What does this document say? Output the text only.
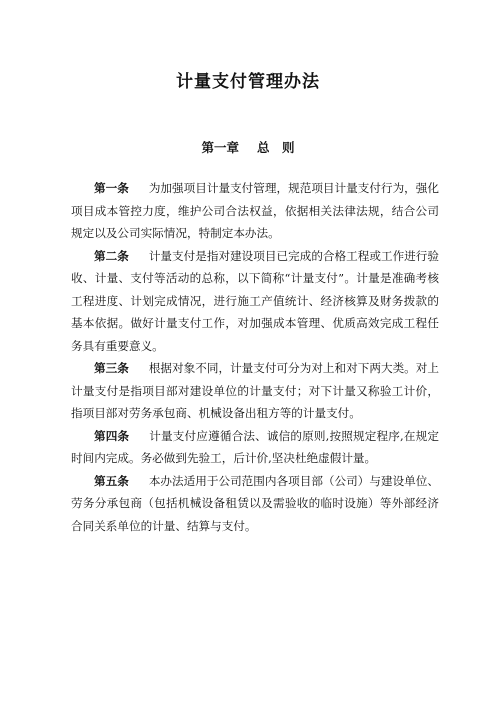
计量支付管理办法
第一章 总　则

第一条 为加强项目计量支付管理，规范项目计量支付行为，强化项目成本管控力度，维护公司合法权益，依据相关法律法规，结合公司规定以及公司实际情况，特制定本办法。

第二条 计量支付是指对建设项目已完成的合格工程或工作进行验收、计量、支付等活动的总称，以下简称“计量支付”。计量是准确考核工程进度、计划完成情况，进行施工产值统计、经济核算及财务拨款的基本依据。做好计量支付工作，对加强成本管理、优质高效完成工程任务具有重要意义。

第三条 根据对象不同，计量支付可分为对上和对下两大类。对上计量支付是指项目部对建设单位的计量支付；对下计量又称验工计价，指项目部对劳务承包商、机械设备出租方等的计量支付。

第四条 计量支付应遵循合法、诚信的原则,按照规定程序,在规定时间内完成。务必做到先验工，后计价,坚决杜绝虚假计量。

第五条 本办法适用于公司范围内各项目部（公司）与建设单位、劳务分承包商（包括机械设备租赁以及需验收的临时设施）等外部经济合同关系单位的计量、结算与支付。
